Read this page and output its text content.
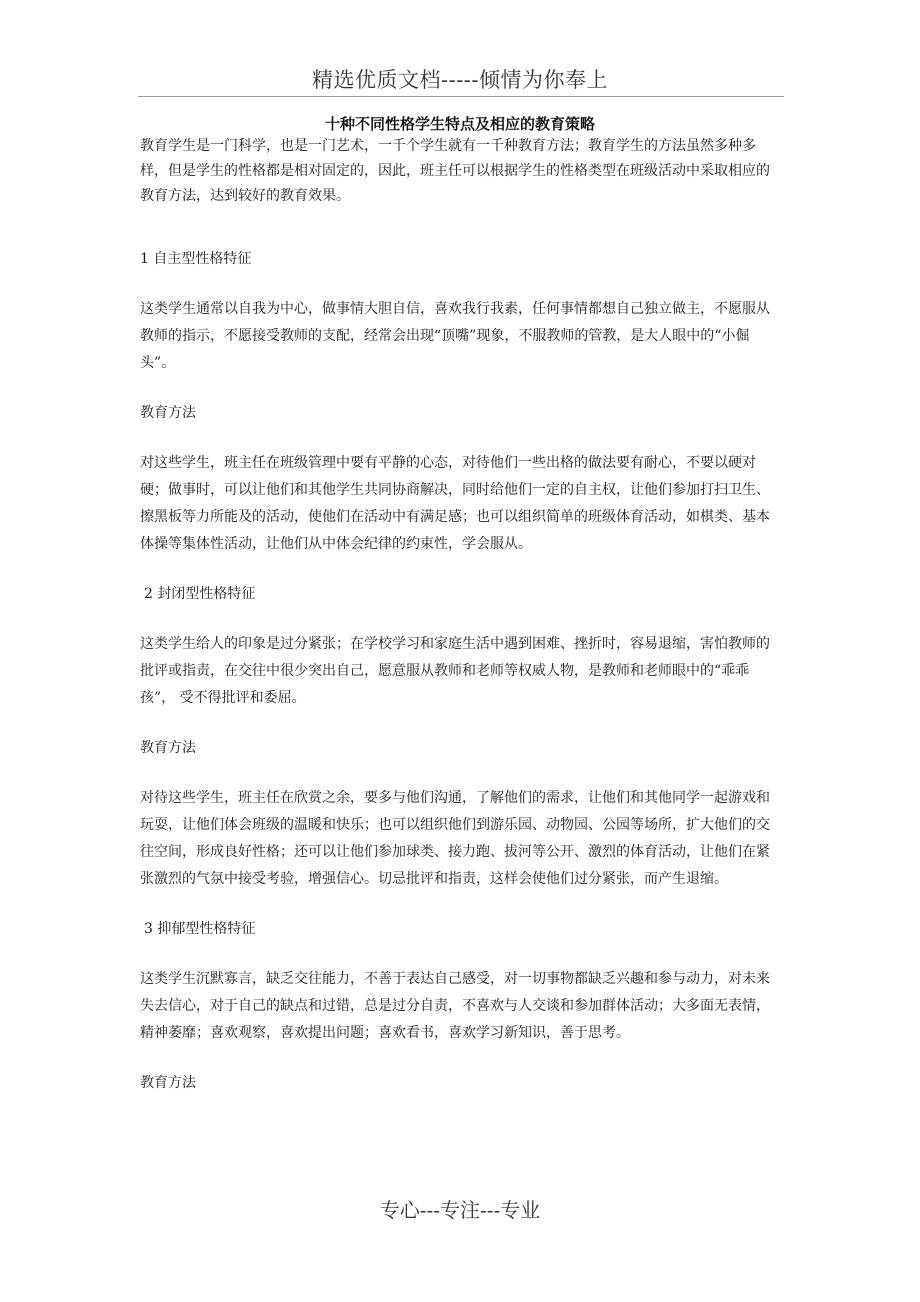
精选优质文档-----倾情为你奉上
十种不同性格学生特点及相应的教育策略

教育学生是一门科学，也是一门艺术，一千个学生就有一千种教育方法；教育学生的方法虽然多种多样，但是学生的性格都是相对固定的，因此，班主任可以根据学生的性格类型在班级活动中采取相应的教育方法，达到较好的教育效果。

1 自主型性格特征

这类学生通常以自我为中心，做事情大胆自信，喜欢我行我素，任何事情都想自己独立做主，不愿服从教师的指示，不愿接受教师的支配，经常会出现“顶嘴”现象，不服教师的管教，是大人眼中的“小倔头”。

教育方法

对这些学生，班主任在班级管理中要有平静的心态，对待他们一些出格的做法要有耐心，不要以硬对硬；做事时，可以让他们和其他学生共同协商解决，同时给他们一定的自主权，让他们参加打扫卫生、擦黑板等力所能及的活动，使他们在活动中有满足感；也可以组织简单的班级体育活动，如棋类、基本体操等集体性活动，让他们从中体会纪律的约束性，学会服从。

2 封闭型性格特征

这类学生给人的印象是过分紧张；在学校学习和家庭生活中遇到困难、挫折时，容易退缩，害怕教师的批评或指责，在交往中很少突出自己，愿意服从教师和老师等权威人物，是教师和老师眼中的“乖乖孩”， 受不得批评和委屈。

教育方法

对待这些学生，班主任在欣赏之余，要多与他们沟通，了解他们的需求，让他们和其他同学一起游戏和玩耍，让他们体会班级的温暖和快乐；也可以组织他们到游乐园、动物园、公园等场所，扩大他们的交往空间，形成良好性格；还可以让他们参加球类、接力跑、拔河等公开、激烈的体育活动，让他们在紧张激烈的气氛中接受考验，增强信心。切忌批评和指责，这样会使他们过分紧张，而产生退缩。

3 抑郁型性格特征

这类学生沉默寡言，缺乏交往能力，不善于表达自己感受，对一切事物都缺乏兴趣和参与动力，对未来失去信心，对于自己的缺点和过错，总是过分自责，不喜欢与人交谈和参加群体活动；大多面无表情，精神萎靡；喜欢观察，喜欢提出问题；喜欢看书，喜欢学习新知识，善于思考。

教育方法

专心---专注---专业
